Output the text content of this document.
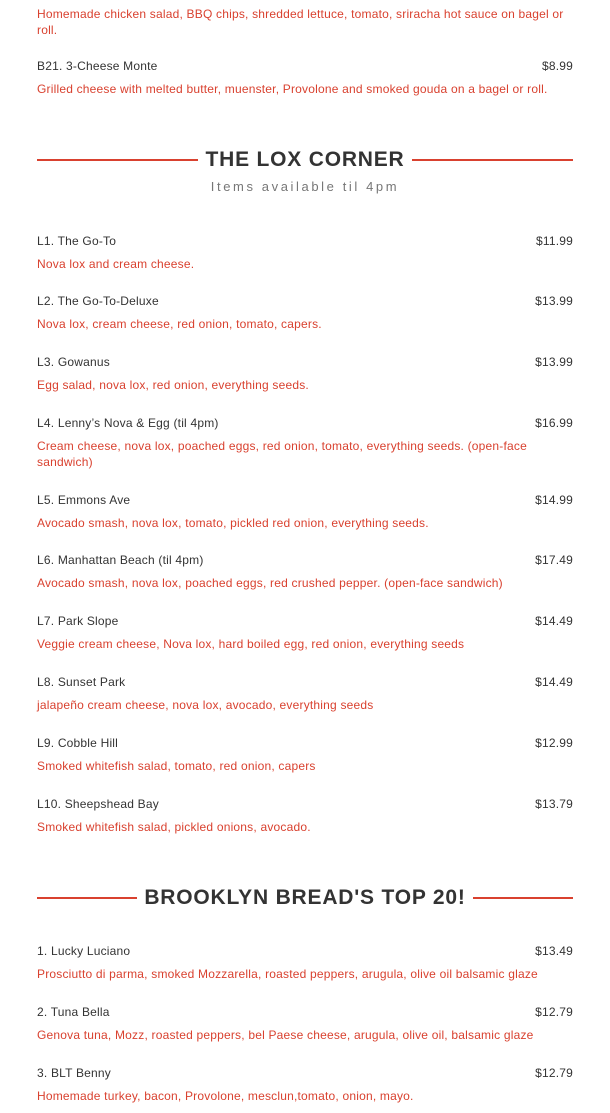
Homemade chicken salad, BBQ chips, shredded lettuce, tomato, sriracha hot sauce on bagel or roll.
B21. 3-Cheese Monte	$8.99
Grilled cheese with melted butter, muenster, Provolone and smoked gouda on a bagel or roll.
THE LOX CORNER
Items available til 4pm
L1. The Go-To	$11.99
Nova lox and cream cheese.
L2. The Go-To-Deluxe	$13.99
Nova lox, cream cheese, red onion, tomato, capers.
L3. Gowanus	$13.99
Egg salad, nova lox, red onion, everything seeds.
L4. Lenny’s Nova & Egg (til 4pm)	$16.99
Cream cheese, nova lox, poached eggs, red onion, tomato, everything seeds. (open-face sandwich)
L5. Emmons Ave	$14.99
Avocado smash, nova lox, tomato, pickled red onion, everything seeds.
L6. Manhattan Beach (til 4pm)	$17.49
Avocado smash, nova lox, poached eggs, red crushed pepper. (open-face sandwich)
L7. Park Slope	$14.49
Veggie cream cheese, Nova lox, hard boiled egg, red onion, everything seeds
L8. Sunset Park	$14.49
jalapeño cream cheese, nova lox, avocado, everything seeds
L9. Cobble Hill	$12.99
Smoked whitefish salad, tomato, red onion, capers
L10. Sheepshead Bay	$13.79
Smoked whitefish salad, pickled onions, avocado.
BROOKLYN BREAD'S TOP 20!
1. Lucky Luciano	$13.49
Prosciutto di parma, smoked Mozzarella, roasted peppers, arugula, olive oil balsamic glaze
2. Tuna Bella	$12.79
Genova tuna, Mozz, roasted peppers, bel Paese cheese, arugula, olive oil, balsamic glaze
3. BLT Benny	$12.79
Homemade turkey, bacon, Provolone, mesclun,tomato, onion, mayo.
